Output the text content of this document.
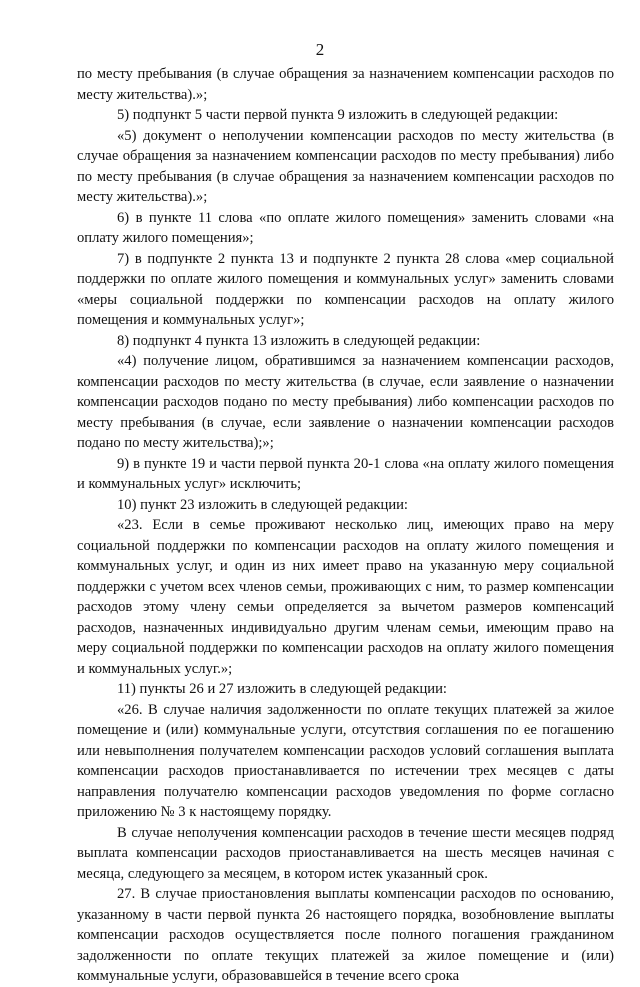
2

по месту пребывания (в случае обращения за назначением компенсации расходов по месту жительства).»;

5) подпункт 5 части первой пункта 9 изложить в следующей редакции:

«5) документ о неполучении компенсации расходов по месту жительства (в случае обращения за назначением компенсации расходов по месту пребывания) либо по месту пребывания (в случае обращения за назначением компенсации расходов по месту жительства).»;

6) в пункте 11 слова «по оплате жилого помещения» заменить словами «на оплату жилого помещения»;

7) в подпункте 2 пункта 13 и подпункте 2 пункта 28 слова «мер социальной поддержки по оплате жилого помещения и коммунальных услуг» заменить словами «меры социальной поддержки по компенсации расходов на оплату жилого помещения и коммунальных услуг»;

8) подпункт 4 пункта 13 изложить в следующей редакции:

«4) получение лицом, обратившимся за назначением компенсации расходов, компенсации расходов по месту жительства (в случае, если заявление о назначении компенсации расходов подано по месту пребывания) либо компенсации расходов по месту пребывания (в случае, если заявление о назначении компенсации расходов подано по месту жительства);»;

9) в пункте 19 и части первой пункта 20-1 слова «на оплату жилого помещения и коммунальных услуг» исключить;

10) пункт 23 изложить в следующей редакции:

«23. Если в семье проживают несколько лиц, имеющих право на меру социальной поддержки по компенсации расходов на оплату жилого помещения и коммунальных услуг, и один из них имеет право на указанную меру социальной поддержки с учетом всех членов семьи, проживающих с ним, то размер компенсации расходов этому члену семьи определяется за вычетом размеров компенсаций расходов, назначенных индивидуально другим членам семьи, имеющим право на меру социальной поддержки по компенсации расходов на оплату жилого помещения и коммунальных услуг.»;

11) пункты 26 и 27 изложить в следующей редакции:

«26. В случае наличия задолженности по оплате текущих платежей за жилое помещение и (или) коммунальные услуги, отсутствия соглашения по ее погашению или невыполнения получателем компенсации расходов условий соглашения выплата компенсации расходов приостанавливается по истечении трех месяцев с даты направления получателю компенсации расходов уведомления по форме согласно приложению № 3 к настоящему порядку.

В случае неполучения компенсации расходов в течение шести месяцев подряд выплата компенсации расходов приостанавливается на шесть месяцев начиная с месяца, следующего за месяцем, в котором истек указанный срок.

27. В случае приостановления выплаты компенсации расходов по основанию, указанному в части первой пункта 26 настоящего порядка, возобновление выплаты компенсации расходов осуществляется после полного погашения гражданином задолженности по оплате текущих платежей за жилое помещение и (или) коммунальные услуги, образовавшейся в течение всего срока
